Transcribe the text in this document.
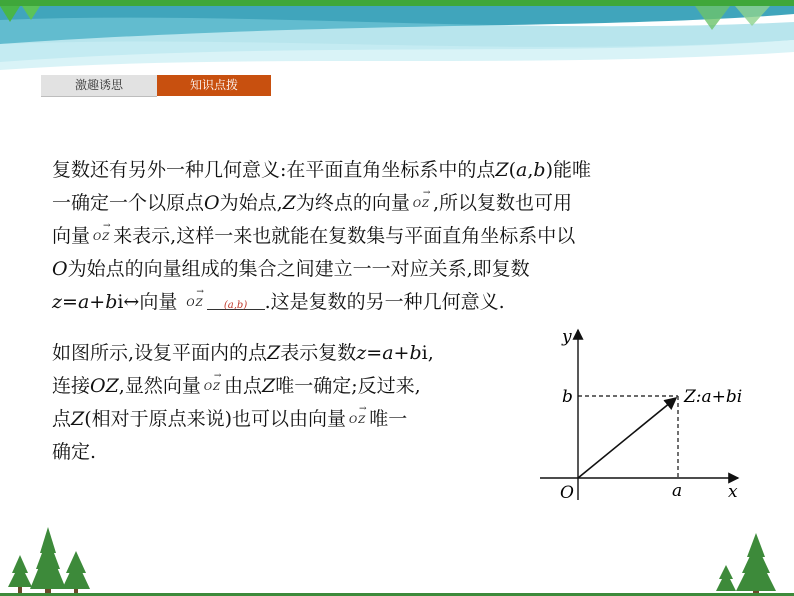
激趣诱思	知识点拨
复数还有另外一种几何意义:在平面直角坐标系中的点Z(a,b)能唯
一确定一个以原点O为始点,Z为终点的向量 → OZ ,所以复数也可用
向量 → OZ 来表示,这样一来也就能在复数集与平面直角坐标系中以
O为始点的向量组成的集合之间建立一一对应关系,即复数
z=a+bi↔向量 → OZ (a,b) .这是复数的另一种几何意义.
如图所示,设复平面内的点Z表示复数z=a+bi,
连接OZ,显然向量 → OZ 由点Z唯一确定;反过来,
点Z(相对于原点来说)也可以由向量 → OZ 唯一
确定.
y
x
O
b
a
Z:a+bi
